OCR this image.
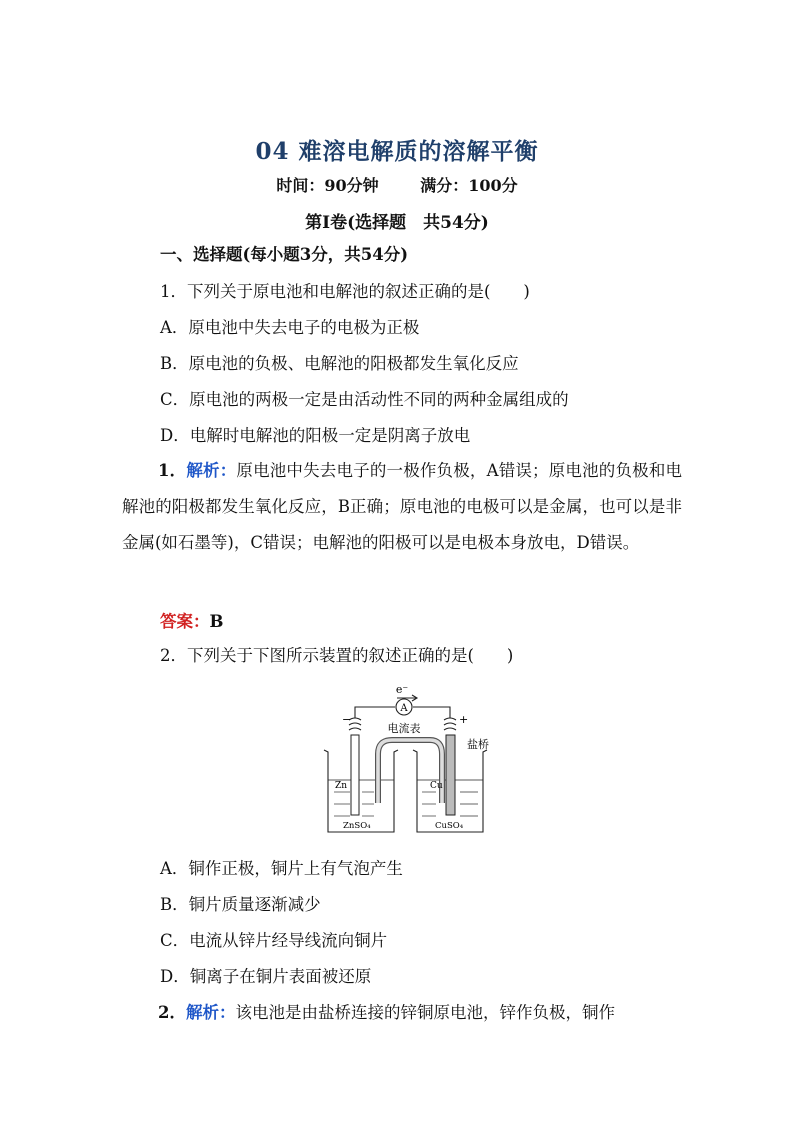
04 难溶电解质的溶解平衡
时间：90分钟	满分：100分
第Ⅰ卷(选择题　共54分)
一、选择题(每小题3分，共54分)
1．下列关于原电池和电解池的叙述正确的是(　　)
A．原电池中失去电子的电极为正极
B．原电池的负极、电解池的阳极都发生氧化反应
C．原电池的两极一定是由活动性不同的两种金属组成的
D．电解时电解池的阳极一定是阴离子放电
1．解析：原电池中失去电子的一极作负极，A错误；原电池的负极和电解池的阳极都发生氧化反应，B正确；原电池的电极可以是金属，也可以是非金属(如石墨等)，C错误；电解池的阳极可以是电极本身放电，D错误。
答案：B
2．下列关于下图所示装置的叙述正确的是(　　)
A
e⁻
电流表
−	+
盐桥
Zn	Cu
ZnSO₄	CuSO₄
A．铜作正极，铜片上有气泡产生
B．铜片质量逐渐减少
C．电流从锌片经导线流向铜片
D．铜离子在铜片表面被还原
2．解析：该电池是由盐桥连接的锌铜原电池，锌作负极，铜作
